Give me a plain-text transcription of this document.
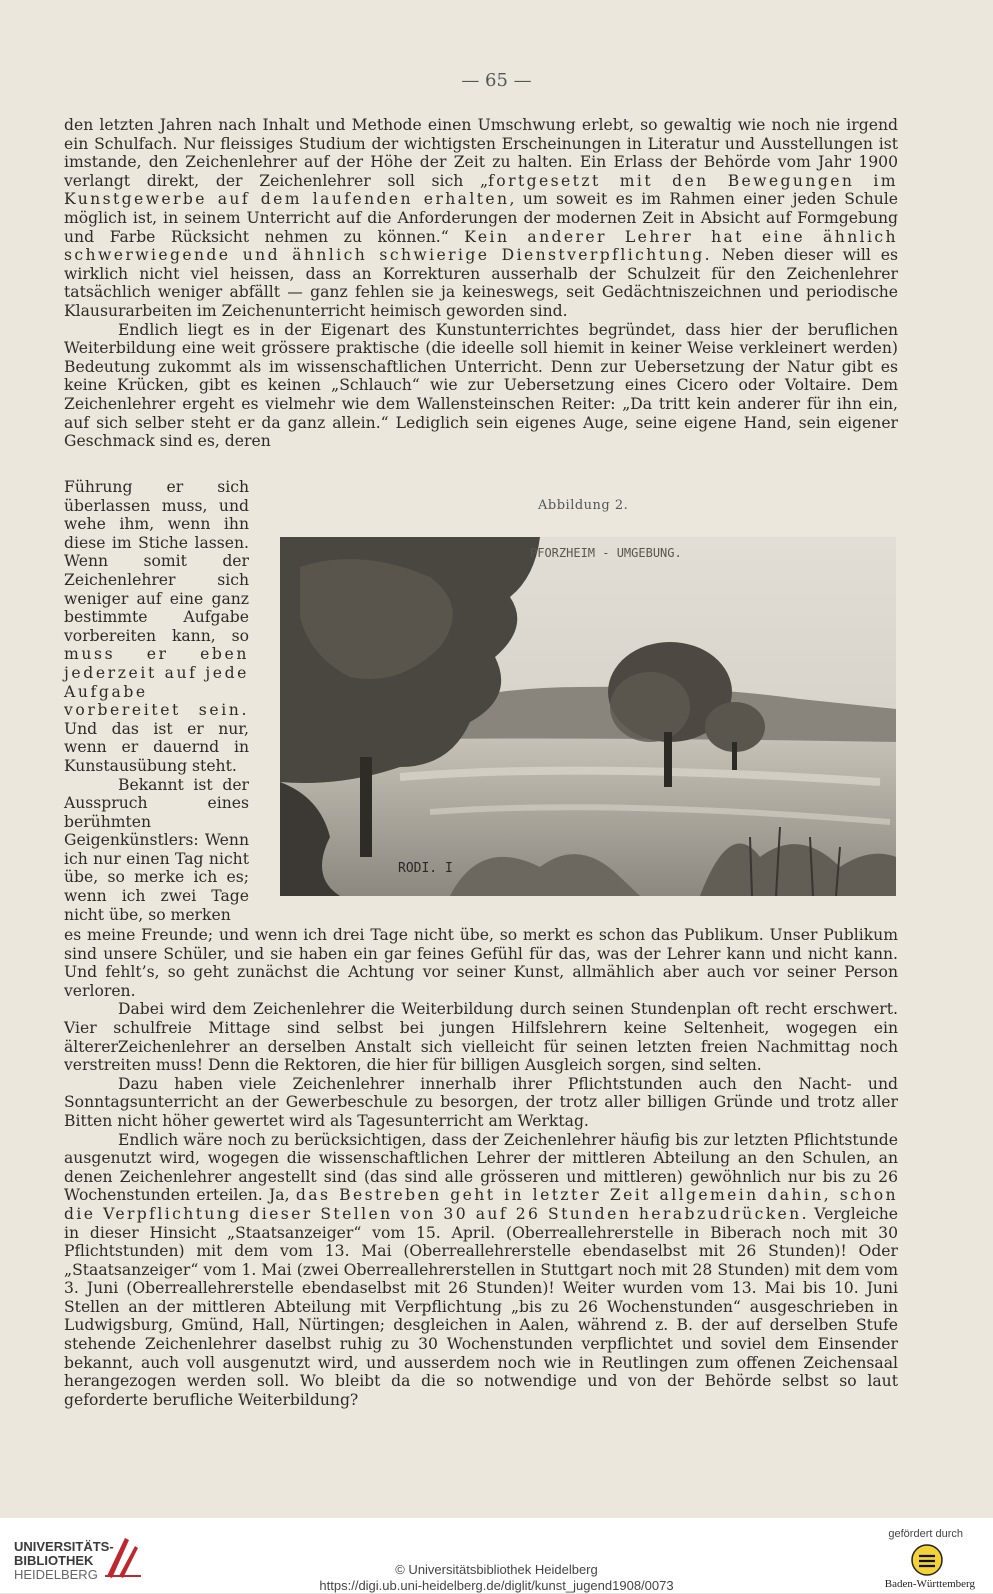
— 65 —

den letzten Jahren nach Inhalt und Methode einen Umschwung erlebt, so gewaltig wie noch nie irgend ein Schulfach. Nur fleissiges Studium der wichtigsten Erscheinungen in Literatur und Ausstellungen ist imstande, den Zeichenlehrer auf der Höhe der Zeit zu halten. Ein Erlass der Behörde vom Jahr 1900 verlangt direkt, der Zeichenlehrer soll sich „fortgesetzt mit den Bewegungen im Kunstgewerbe auf dem laufenden erhalten, um soweit es im Rahmen einer jeden Schule möglich ist, in seinem Unterricht auf die Anforderungen der modernen Zeit in Absicht auf Formgebung und Farbe Rücksicht nehmen zu können.“ Kein anderer Lehrer hat eine ähnlich schwerwiegende und ähnlich schwierige Dienstverpflichtung. Neben dieser will es wirklich nicht viel heissen, dass an Korrekturen ausserhalb der Schulzeit für den Zeichenlehrer tatsächlich weniger abfällt — ganz fehlen sie ja keineswegs, seit Gedächtniszeichnen und periodische Klausurarbeiten im Zeichenunterricht heimisch geworden sind.

Endlich liegt es in der Eigenart des Kunstunterrichtes begründet, dass hier der beruflichen Weiterbildung eine weit grössere praktische (die ideelle soll hiemit in keiner Weise verkleinert werden) Bedeutung zukommt als im wissenschaftlichen Unterricht. Denn zur Uebersetzung der Natur gibt es keine Krücken, gibt es keinen „Schlauch“ wie zur Uebersetzung eines Cicero oder Voltaire. Dem Zeichenlehrer ergeht es vielmehr wie dem Wallensteinschen Reiter: „Da tritt kein anderer für ihn ein, auf sich selber steht er da ganz allein.“ Lediglich sein eigenes Auge, seine eigene Hand, sein eigener Geschmack sind es, deren

Führung er sich überlassen muss, und wehe ihm, wenn ihn diese im Stiche lassen. Wenn somit der Zeichenlehrer sich weniger auf eine ganz bestimmte Aufgabe vorbereiten kann, so muss er eben jederzeit auf jede Aufgabe vorbereitet sein. Und das ist er nur, wenn er dauernd in Kunstausübung steht.

Bekannt ist der Ausspruch eines berühmten Geigenkünstlers: Wenn ich nur einen Tag nicht übe, so merke ich es; wenn ich zwei Tage nicht übe, so merken

Abbildung 2.
PFORZHEIM - UMGEBUNG.
RODI. I

es meine Freunde; und wenn ich drei Tage nicht übe, so merkt es schon das Publikum. Unser Publikum sind unsere Schüler, und sie haben ein gar feines Gefühl für das, was der Lehrer kann und nicht kann. Und fehlt’s, so geht zunächst die Achtung vor seiner Kunst, allmählich aber auch vor seiner Person verloren.

Dabei wird dem Zeichenlehrer die Weiterbildung durch seinen Stundenplan oft recht erschwert. Vier schulfreie Mittage sind selbst bei jungen Hilfslehrern keine Seltenheit, wogegen ein ältererZeichenlehrer an derselben Anstalt sich vielleicht für seinen letzten freien Nachmittag noch verstreiten muss! Denn die Rektoren, die hier für billigen Ausgleich sorgen, sind selten.

Dazu haben viele Zeichenlehrer innerhalb ihrer Pflichtstunden auch den Nacht- und Sonntagsunterricht an der Gewerbeschule zu besorgen, der trotz aller billigen Gründe und trotz aller Bitten nicht höher gewertet wird als Tagesunterricht am Werktag.

Endlich wäre noch zu berücksichtigen, dass der Zeichenlehrer häufig bis zur letzten Pflichtstunde ausgenutzt wird, wogegen die wissenschaftlichen Lehrer der mittleren Abteilung an den Schulen, an denen Zeichenlehrer angestellt sind (das sind alle grösseren und mittleren) gewöhnlich nur bis zu 26 Wochenstunden erteilen. Ja, das Bestreben geht in letzter Zeit allgemein dahin, schon die Verpflichtung dieser Stellen von 30 auf 26 Stunden herabzudrücken. Vergleiche in dieser Hinsicht „Staatsanzeiger“ vom 15. April. (Oberreallehrerstelle in Biberach noch mit 30 Pflichtstunden) mit dem vom 13. Mai (Oberreallehrerstelle ebendaselbst mit 26 Stunden)! Oder „Staatsanzeiger“ vom 1. Mai (zwei Oberreallehrerstellen in Stuttgart noch mit 28 Stunden) mit dem vom 3. Juni (Oberreallehrerstelle ebendaselbst mit 26 Stunden)! Weiter wurden vom 13. Mai bis 10. Juni Stellen an der mittleren Abteilung mit Verpflichtung „bis zu 26 Wochenstunden“ ausgeschrieben in Ludwigsburg, Gmünd, Hall, Nürtingen; desgleichen in Aalen, während z. B. der auf derselben Stufe stehende Zeichenlehrer daselbst ruhig zu 30 Wochenstunden verpflichtet und soviel dem Einsender bekannt, auch voll ausgenutzt wird, und ausserdem noch wie in Reutlingen zum offenen Zeichensaal herangezogen werden soll. Wo bleibt da die so notwendige und von der Behörde selbst so laut geforderte berufliche Weiterbildung?

UNIVERSITÄTS-
BIBLIOTHEK
HEIDELBERG	© Universitätsbibliothek Heidelberg
https://digi.ub.uni-heidelberg.de/diglit/kunst_jugend1908/0073
gefördert durch
Baden-Württemberg
